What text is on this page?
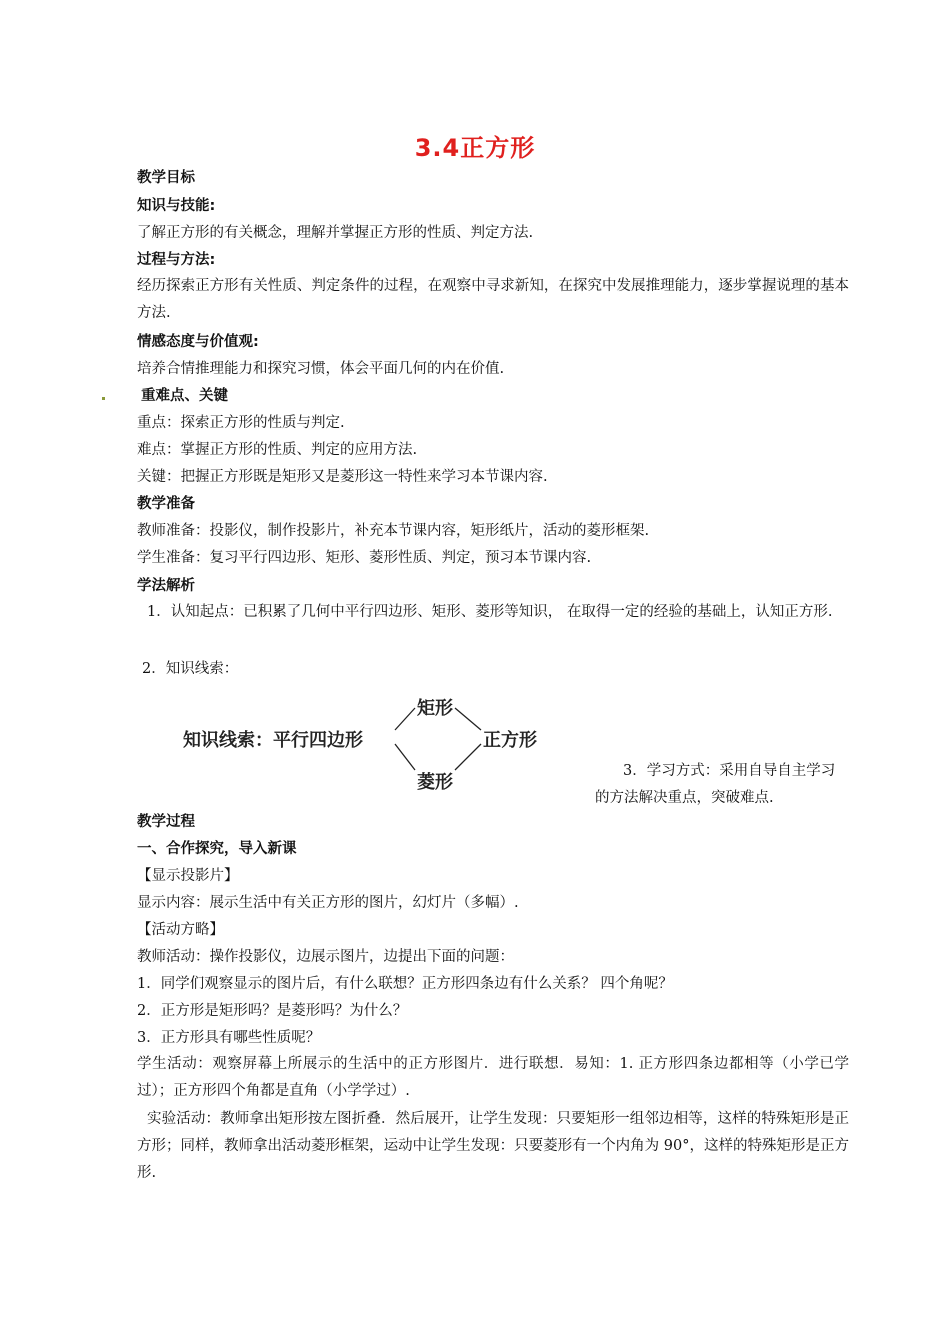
3.4正方形
教学目标
知识与技能:
了解正方形的有关概念，理解并掌握正方形的性质、判定方法.
过程与方法:
经历探索正方形有关性质、判定条件的过程，在观察中寻求新知，在探究中发展推理能力，逐步掌握说理的基本方法.
情感态度与价值观:
培养合情推理能力和探究习惯，体会平面几何的内在价值.
重难点、关键
重点：探索正方形的性质与判定.
难点：掌握正方形的性质、判定的应用方法.
关键：把握正方形既是矩形又是菱形这一特性来学习本节课内容.
教学准备
教师准备：投影仪，制作投影片，补充本节课内容，矩形纸片，活动的菱形框架.
学生准备：复习平行四边形、矩形、菱形性质、判定，预习本节课内容.
学法解析
1．认知起点：已积累了几何中平行四边形、矩形、菱形等知识， 在取得一定的经验的基础上，认知正方形.
2．知识线索：
知识线索：平行四边形
矩形
菱形
正方形
3．学习方式：采用自导自主学习的方法解决重点，突破难点.
教学过程
一、合作探究，导入新课
【显示投影片】
显示内容：展示生活中有关正方形的图片，幻灯片（多幅）.
【活动方略】
教师活动：操作投影仪，边展示图片，边提出下面的问题：
1．同学们观察显示的图片后，有什么联想？正方形四条边有什么关系？ 四个角呢？
2．正方形是矩形吗？是菱形吗？为什么？
3．正方形具有哪些性质呢？
学生活动：观察屏幕上所展示的生活中的正方形图片．进行联想．易知：1. 正方形四条边都相等（小学已学过）；正方形四个角都是直角（小学学过）.
实验活动：教师拿出矩形按左图折叠．然后展开，让学生发现：只要矩形一组邻边相等，这样的特殊矩形是正方形；同样，教师拿出活动菱形框架，运动中让学生发现：只要菱形有一个内角为 90°，这样的特殊矩形是正方形.
